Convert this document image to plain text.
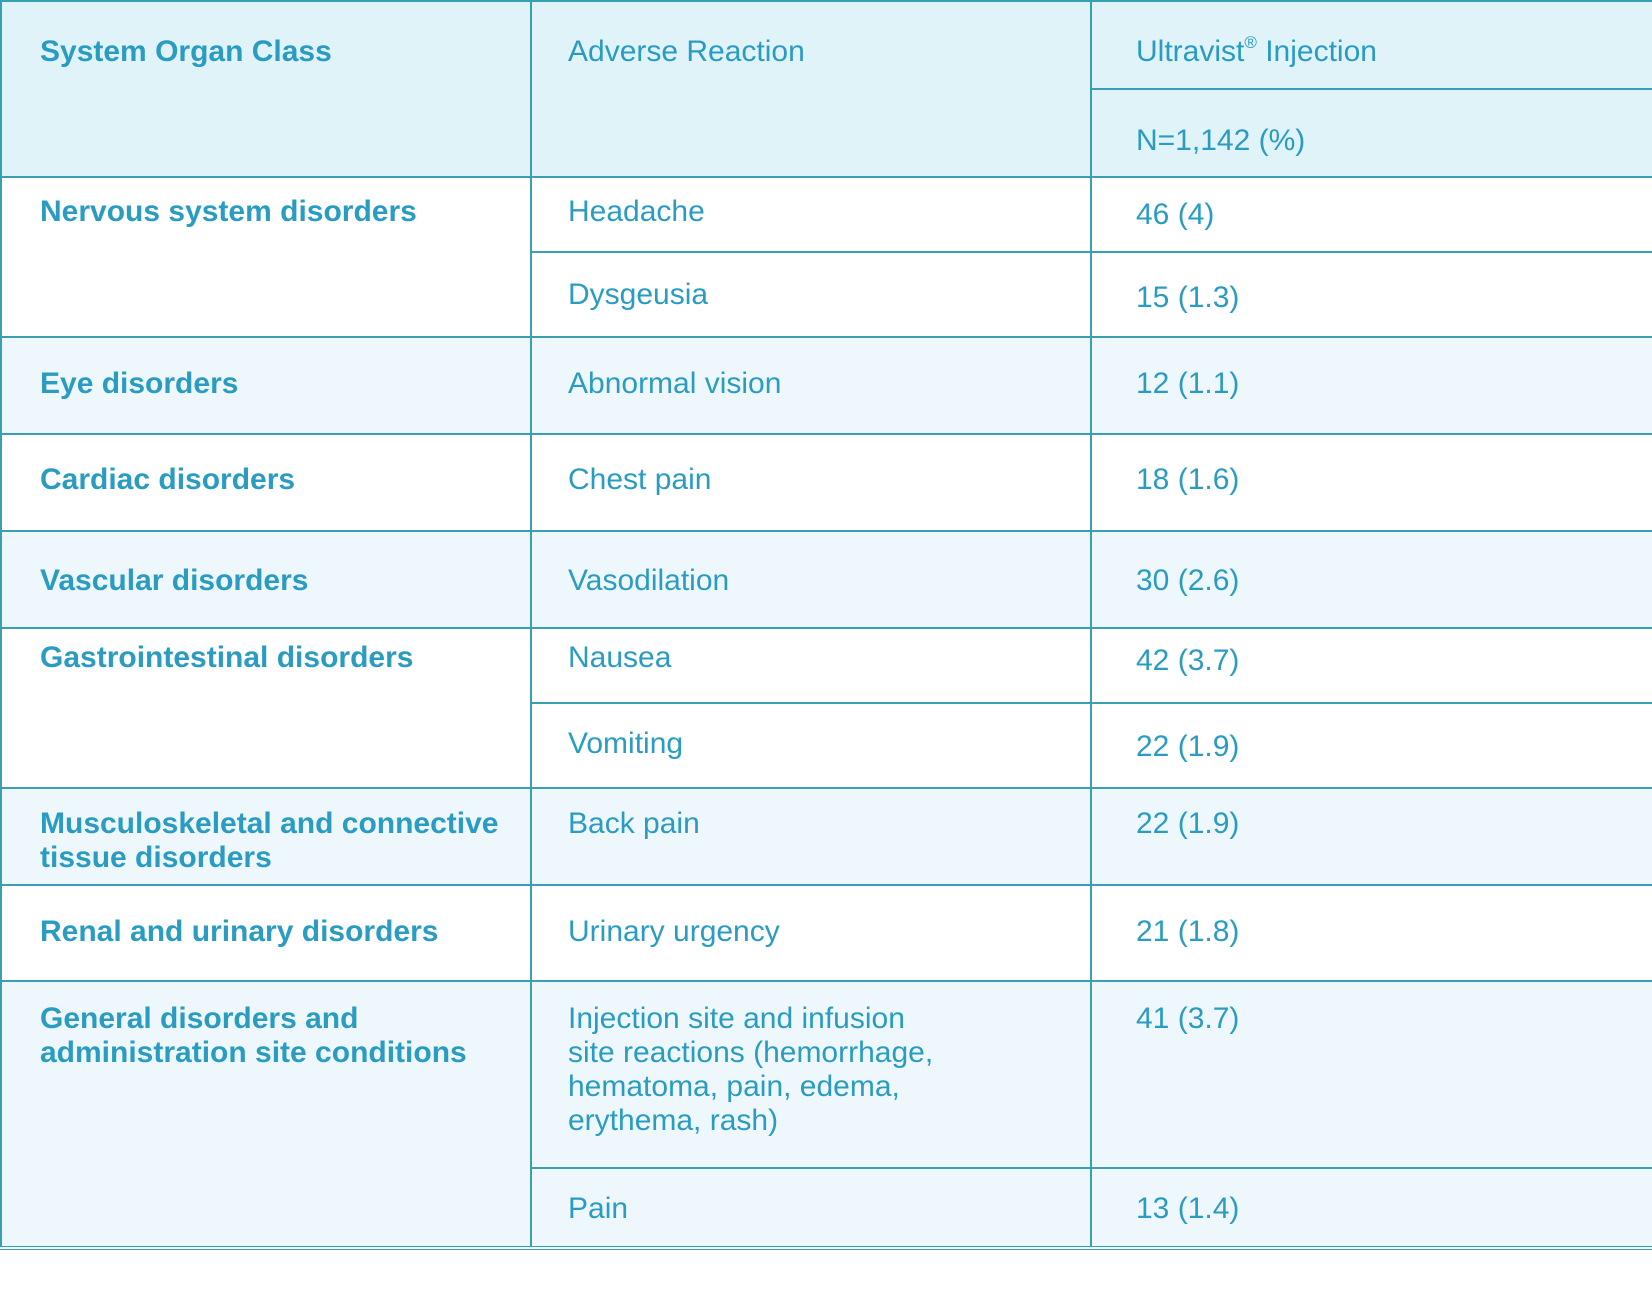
System Organ Class	Adverse Reaction	Ultravist® Injection
		N=1,142 (%)

Nervous system disorders	Headache	46 (4)

	Dysgeusia	15 (1.3)

Eye disorders	Abnormal vision	12 (1.1)

Cardiac disorders	Chest pain	18 (1.6)

Vascular disorders	Vasodilation	30 (2.6)

Gastrointestinal disorders	Nausea	42 (3.7)

	Vomiting	22 (1.9)

Musculoskeletal and connective tissue disorders	Back pain	22 (1.9)

Renal and urinary disorders	Urinary urgency	21 (1.8)

General disorders and administration site conditions	Injection site and infusion site reactions (hemorrhage, hematoma, pain, edema, erythema, rash)	41 (3.7)

	Pain	13 (1.4)
